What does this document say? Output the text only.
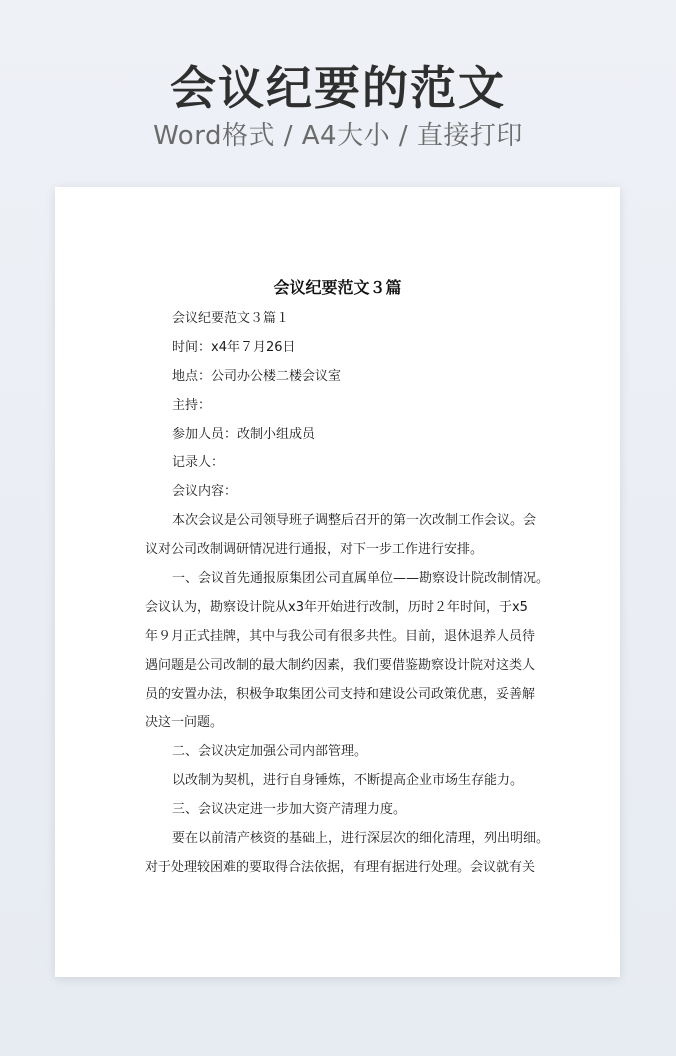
会议纪要的范文
Word格式 / A4大小 / 直接打印
会议纪要范文３篇
会议纪要范文３篇１
时间：x4年７月26日
地点：公司办公楼二楼会议室
主持：
参加人员：改制小组成员
记录人：
会议内容：
本次会议是公司领导班子调整后召开的第一次改制工作会议。会
议对公司改制调研情况进行通报，对下一步工作进行安排。
一、会议首先通报原集团公司直属单位——勘察设计院改制情况。
会议认为，勘察设计院从x3年开始进行改制，历时２年时间，于x5
年９月正式挂牌，其中与我公司有很多共性。目前，退休退养人员待
遇问题是公司改制的最大制约因素，我们要借鉴勘察设计院对这类人
员的安置办法，积极争取集团公司支持和建设公司政策优惠，妥善解
决这一问题。
二、会议决定加强公司内部管理。
以改制为契机，进行自身锤炼，不断提高企业市场生存能力。
三、会议决定进一步加大资产清理力度。
要在以前清产核资的基础上，进行深层次的细化清理，列出明细。
对于处理较困难的要取得合法依据，有理有据进行处理。会议就有关
